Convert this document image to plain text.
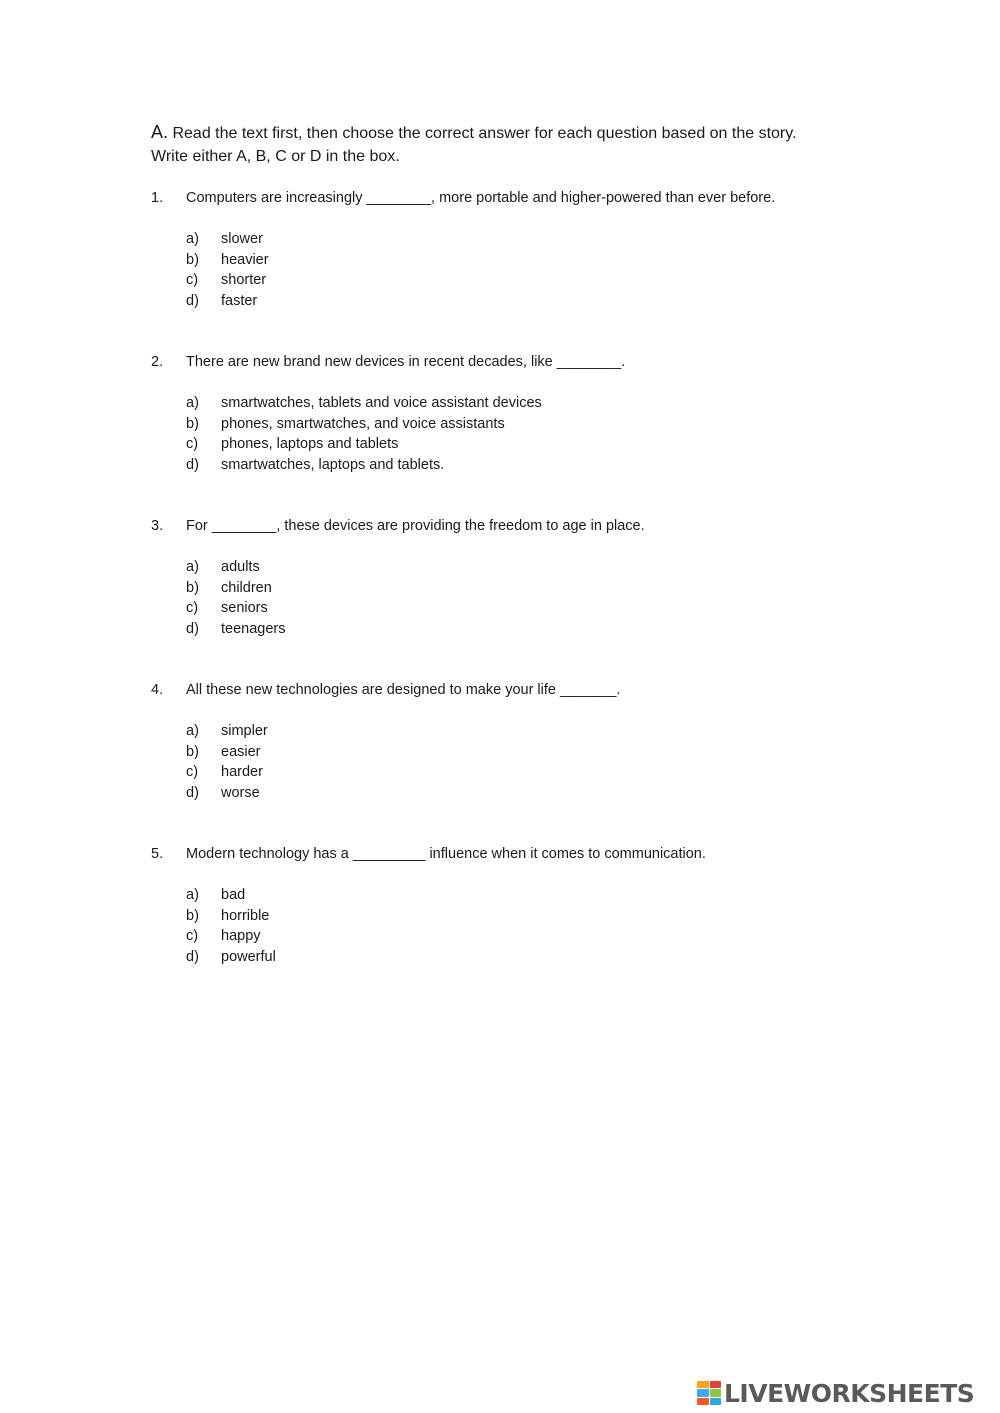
A. Read the text first, then choose the correct answer for each question based on the story.
Write either A, B, C or D in the box.
1. Computers are increasingly ________, more portable and higher-powered than ever before.
a) slower
b) heavier
c) shorter
d) faster
2. There are new brand new devices in recent decades, like ________.
a) smartwatches, tablets and voice assistant devices
b) phones, smartwatches, and voice assistants
c) phones, laptops and tablets
d) smartwatches, laptops and tablets.
3. For ________, these devices are providing the freedom to age in place.
a) adults
b) children
c) seniors
d) teenagers
4. All these new technologies are designed to make your life _______.
a) simpler
b) easier
c) harder
d) worse
5. Modern technology has a _________ influence when it comes to communication.
a) bad
b) horrible
c) happy
d) powerful
LIVEWORKSHEETS
